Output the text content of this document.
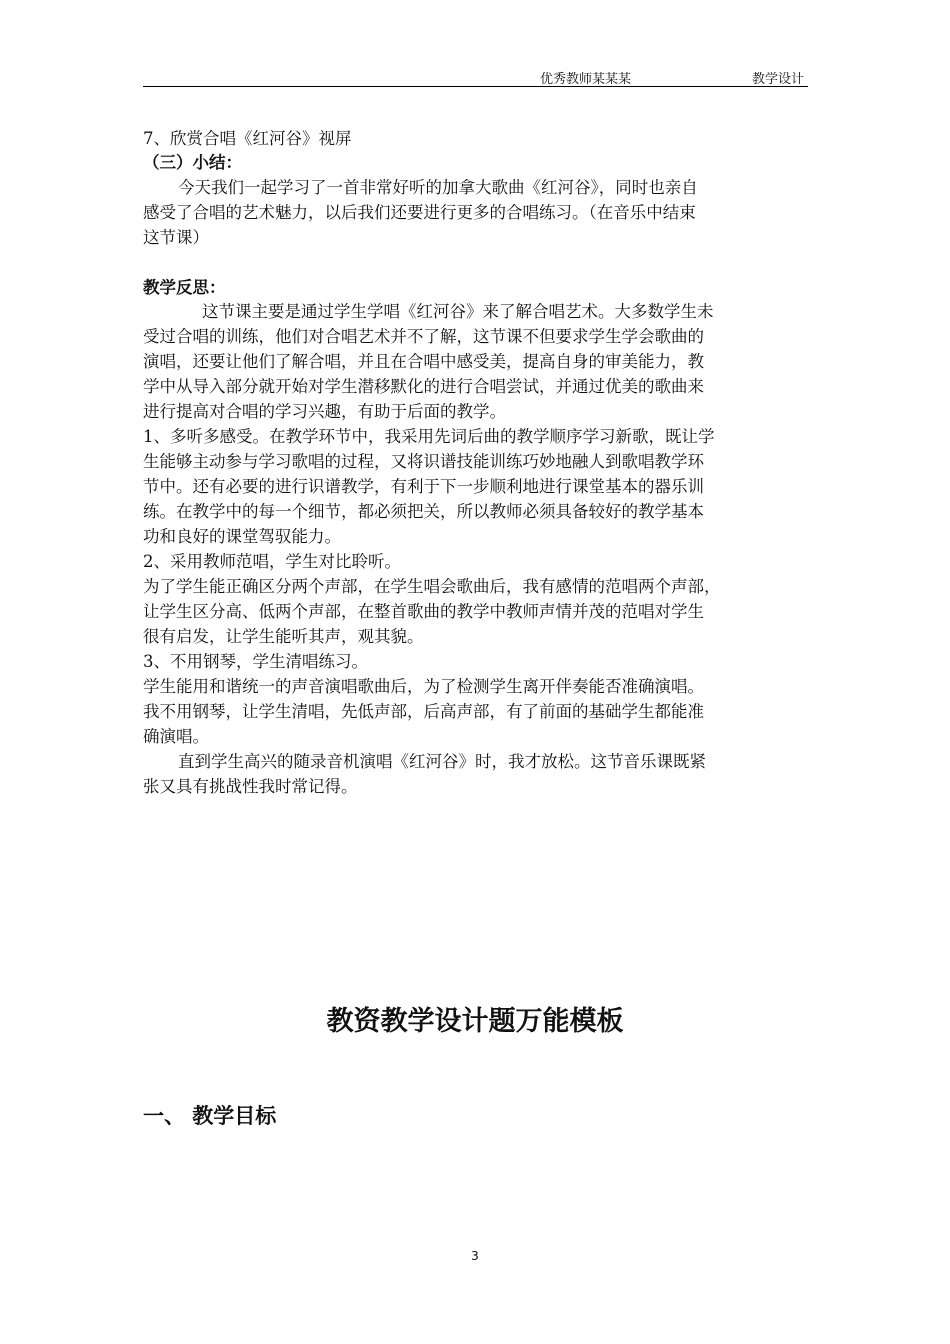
优秀教师某某某	教学设计
7、欣赏合唱《红河谷》视屏
（三）小结：
今天我们一起学习了一首非常好听的加拿大歌曲《红河谷》，同时也亲自
感受了合唱的艺术魅力，以后我们还要进行更多的合唱练习。（在音乐中结束
这节课）
教学反思：
这节课主要是通过学生学唱《红河谷》来了解合唱艺术。大多数学生未
受过合唱的训练，他们对合唱艺术并不了解，这节课不但要求学生学会歌曲的
演唱，还要让他们了解合唱，并且在合唱中感受美，提高自身的审美能力，教
学中从导入部分就开始对学生潜移默化的进行合唱尝试，并通过优美的歌曲来
进行提高对合唱的学习兴趣，有助于后面的教学。
1、多听多感受。在教学环节中，我采用先词后曲的教学顺序学习新歌，既让学
生能够主动参与学习歌唱的过程，又将识谱技能训练巧妙地融人到歌唱教学环
节中。还有必要的进行识谱教学，有利于下一步顺利地进行课堂基本的器乐训
练。在教学中的每一个细节，都必须把关，所以教师必须具备较好的教学基本
功和良好的课堂驾驭能力。
2、采用教师范唱，学生对比聆听。
为了学生能正确区分两个声部，在学生唱会歌曲后，我有感情的范唱两个声部，
让学生区分高、低两个声部，在整首歌曲的教学中教师声情并茂的范唱对学生
很有启发，让学生能听其声，观其貌。
3、不用钢琴，学生清唱练习。
学生能用和谐统一的声音演唱歌曲后，为了检测学生离开伴奏能否准确演唱。
我不用钢琴，让学生清唱，先低声部，后高声部，有了前面的基础学生都能准
确演唱。
直到学生高兴的随录音机演唱《红河谷》时，我才放松。这节音乐课既紧
张又具有挑战性我时常记得。
教资教学设计题万能模板
一、 教学目标
3
